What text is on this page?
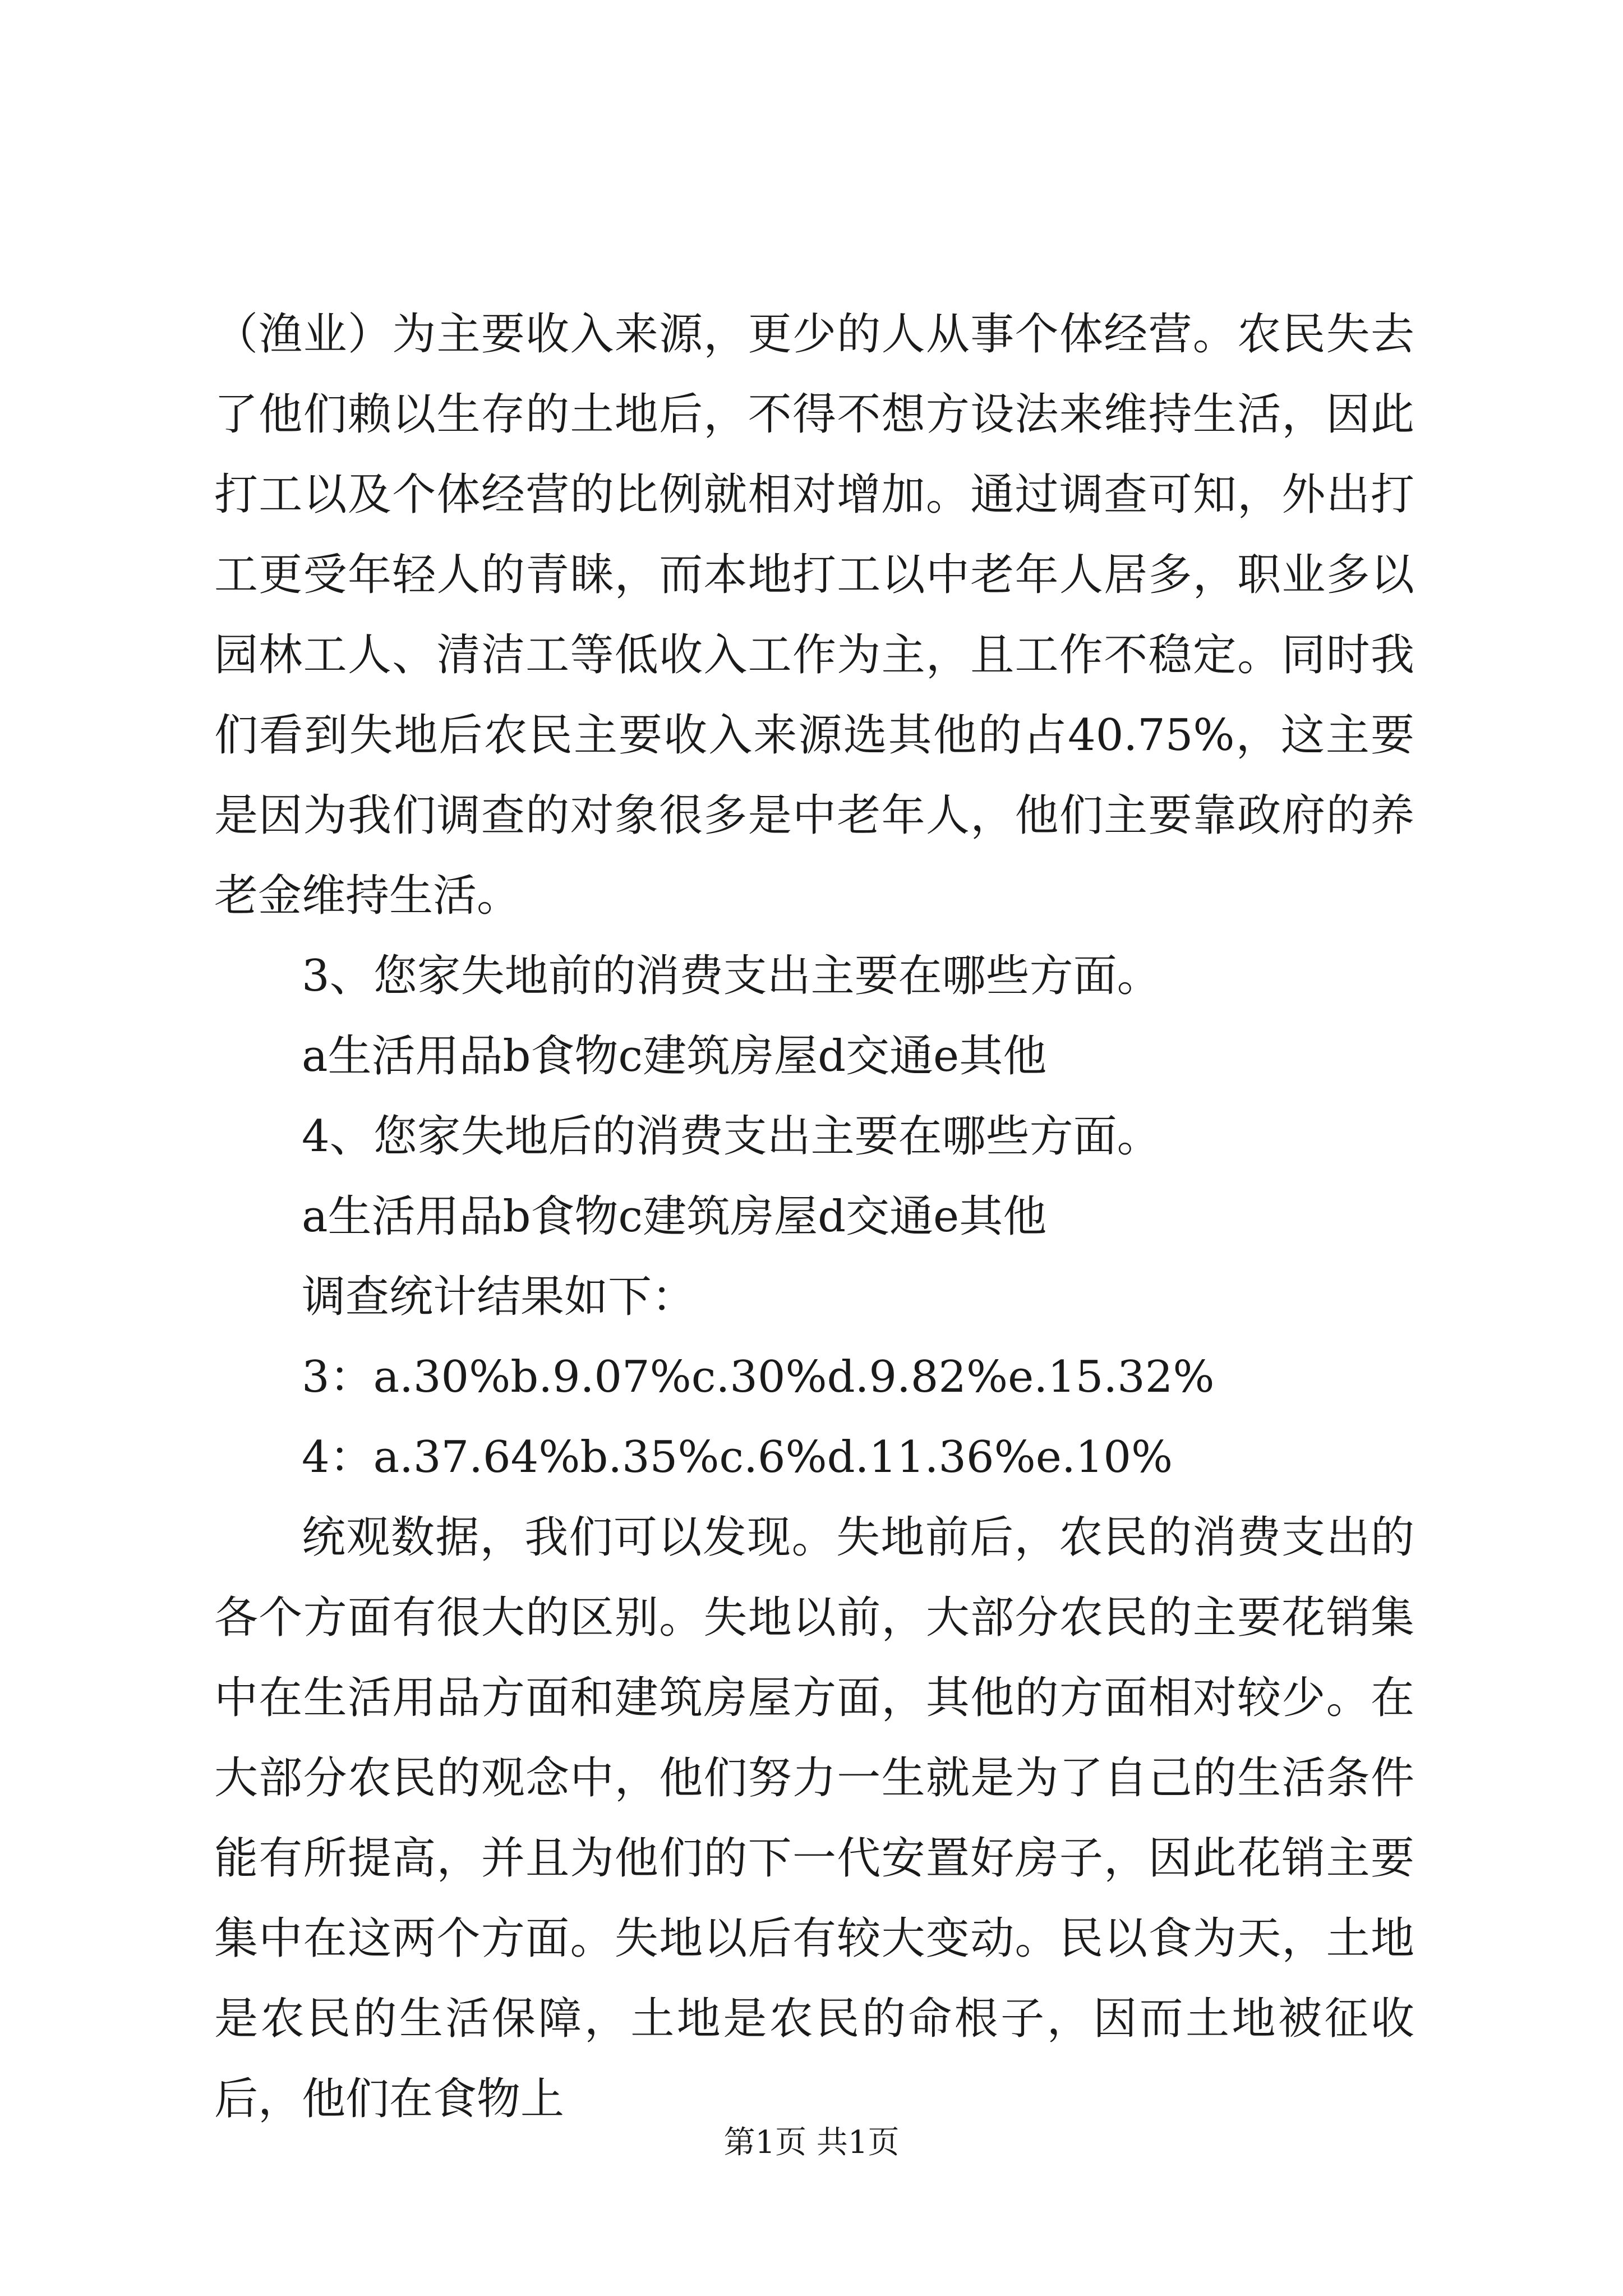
（渔业）为主要收入来源，更少的人从事个体经营。农民失去了他们赖以生存的土地后，不得不想方设法来维持生活，因此打工以及个体经营的比例就相对增加。通过调查可知，外出打工更受年轻人的青睐，而本地打工以中老年人居多，职业多以园林工人、清洁工等低收入工作为主，且工作不稳定。同时我们看到失地后农民主要收入来源选其他的占40.75%，这主要是因为我们调查的对象很多是中老年人，他们主要靠政府的养老金维持生活。

3、您家失地前的消费支出主要在哪些方面。

a生活用品b食物c建筑房屋d交通e其他

4、您家失地后的消费支出主要在哪些方面。

a生活用品b食物c建筑房屋d交通e其他

调查统计结果如下：

3：a.30%b.9.07%c.30%d.9.82%e.15.32%

4：a.37.64%b.35%c.6%d.11.36%e.10%

统观数据，我们可以发现。失地前后，农民的消费支出的各个方面有很大的区别。失地以前，大部分农民的主要花销集中在生活用品方面和建筑房屋方面，其他的方面相对较少。在大部分农民的观念中，他们努力一生就是为了自己的生活条件能有所提高，并且为他们的下一代安置好房子，因此花销主要集中在这两个方面。失地以后有较大变动。民以食为天，土地是农民的生活保障，土地是农民的命根子，因而土地被征收后，他们在食物上

第1页 共1页
